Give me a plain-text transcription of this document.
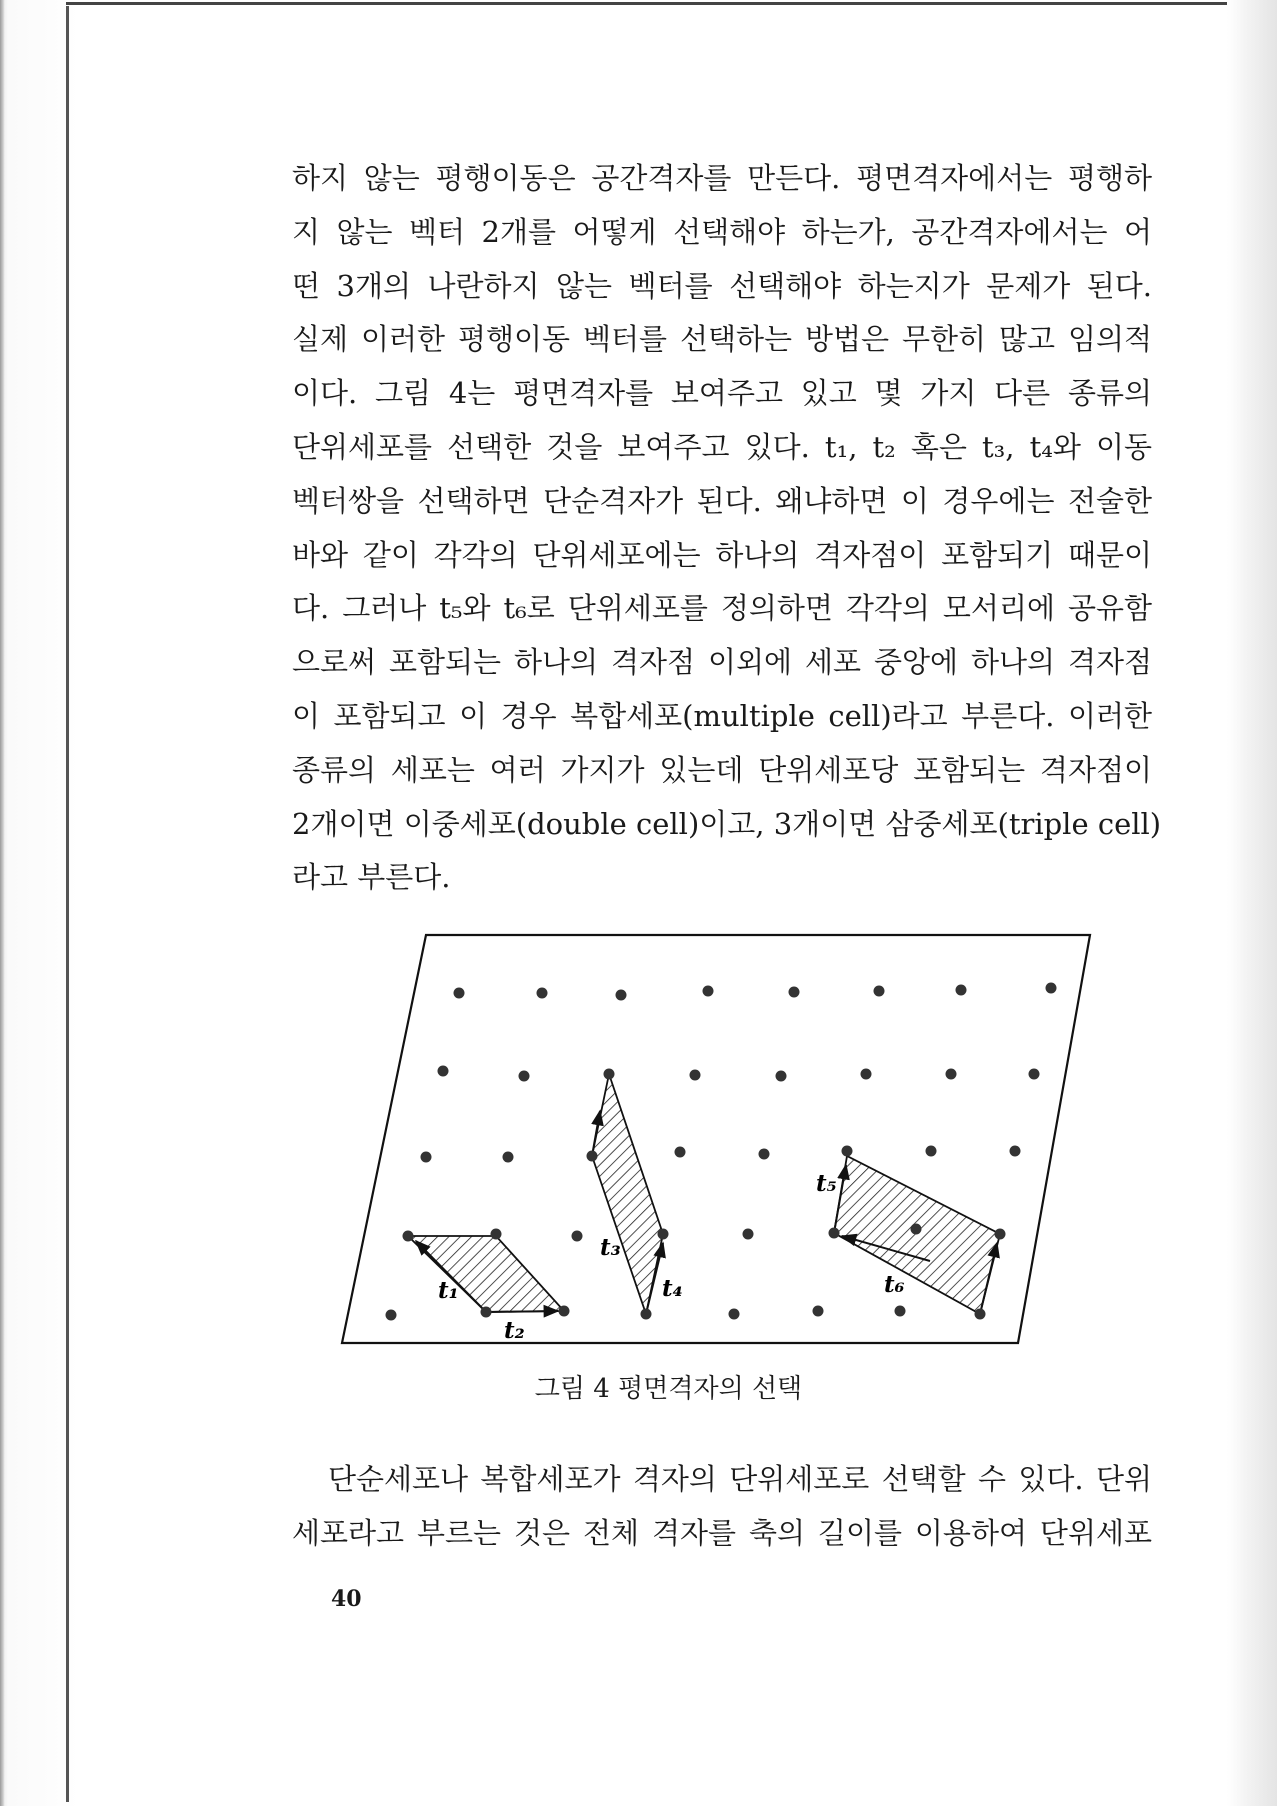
하지 않는 평행이동은 공간격자를 만든다. 평면격자에서는 평행하
지 않는 벡터 2개를 어떻게 선택해야 하는가, 공간격자에서는 어
떤 3개의 나란하지 않는 벡터를 선택해야 하는지가 문제가 된다.
실제 이러한 평행이동 벡터를 선택하는 방법은 무한히 많고 임의적
이다. 그림 4는 평면격자를 보여주고 있고 몇 가지 다른 종류의
단위세포를 선택한 것을 보여주고 있다. t₁, t₂ 혹은 t₃, t₄와 이동
벡터쌍을 선택하면 단순격자가 된다. 왜냐하면 이 경우에는 전술한
바와 같이 각각의 단위세포에는 하나의 격자점이 포함되기 때문이
다. 그러나 t₅와 t₆로 단위세포를 정의하면 각각의 모서리에 공유함
으로써 포함되는 하나의 격자점 이외에 세포 중앙에 하나의 격자점
이 포함되고 이 경우 복합세포(multiple cell)라고 부른다. 이러한
종류의 세포는 여러 가지가 있는데 단위세포당 포함되는 격자점이
2개이면 이중세포(double cell)이고, 3개이면 삼중세포(triple cell)
라고 부른다.
t₁
t₂
t₃
t₄
t₅
t₆
그림 4 평면격자의 선택
단순세포나 복합세포가 격자의 단위세포로 선택할 수 있다. 단위
세포라고 부르는 것은 전체 격자를 축의 길이를 이용하여 단위세포
40
